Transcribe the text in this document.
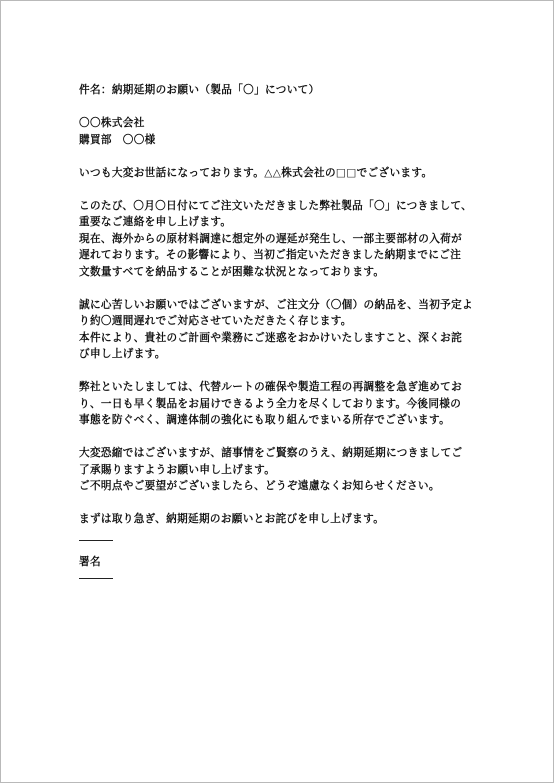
件名：納期延期のお願い（製品「〇」について）
〇〇株式会社
購買部　〇〇様
いつも大変お世話になっております。△△株式会社の□□でございます。
このたび、〇月〇日付にてご注文いただきました弊社製品「〇」につきまして、
重要なご連絡を申し上げます。
現在、海外からの原材料調達に想定外の遅延が発生し、一部主要部材の入荷が
遅れております。その影響により、当初ご指定いただきました納期までにご注
文数量すべてを納品することが困難な状況となっております。
誠に心苦しいお願いではございますが、ご注文分（〇個）の納品を、当初予定よ
り約〇週間遅れでご対応させていただきたく存じます。
本件により、貴社のご計画や業務にご迷惑をおかけいたしますこと、深くお詫
び申し上げます。
弊社といたしましては、代替ルートの確保や製造工程の再調整を急ぎ進めてお
り、一日も早く製品をお届けできるよう全力を尽くしております。今後同様の
事態を防ぐべく、調達体制の強化にも取り組んでまいる所存でございます。
大変恐縮ではございますが、諸事情をご賢察のうえ、納期延期につきましてご
了承賜りますようお願い申し上げます。
ご不明点やご要望がございましたら、どうぞ遠慮なくお知らせください。
まずは取り急ぎ、納期延期のお願いとお詫びを申し上げます。
署名
